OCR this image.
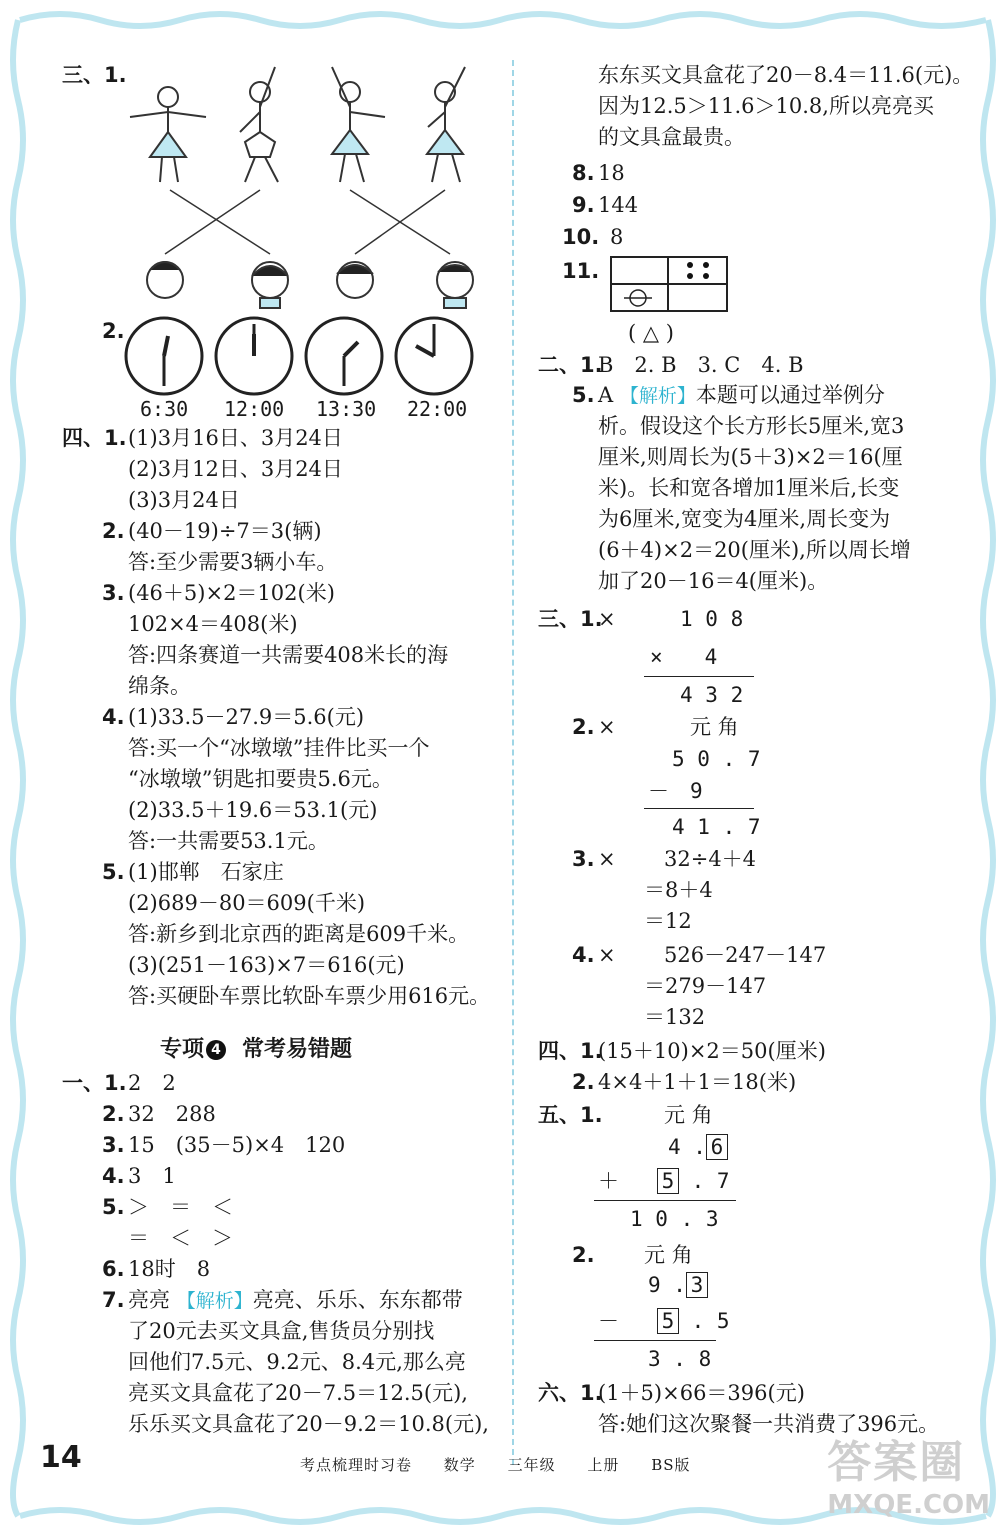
三、1.
2.
6:30 12:00 13:30 22:00
四、1. (1)3月16日、3月24日
(2)3月12日、3月24日
(3)3月24日
2. (40－19)÷7＝3(辆)
答:至少需要3辆小车。
3. (46＋5)×2＝102(米)
102×4＝408(米)
答:四条赛道一共需要408米长的海
绵条。
4. (1)33.5－27.9＝5.6(元)
答:买一个“冰墩墩”挂件比买一个
“冰墩墩”钥匙扣要贵5.6元。
(2)33.5＋19.6＝53.1(元)
答:一共需要53.1元。
5. (1)邯郸　石家庄
(2)689－80＝609(千米)
答:新乡到北京西的距离是609千米。
(3)(251－163)×7＝616(元)
答:买硬卧车票比软卧车票少用616元。
专项 4 常考易错题
一、1. 2　2
2. 32　288
3. 15　(35－5)×4　120
4. 3　1
5. ＞　＝　＜
＝　＜　＞
6. 18时　8
7. 亮亮 【解析】亮亮、乐乐、东东都带
了20元去买文具盒,售货员分别找
回他们7.5元、9.2元、8.4元,那么亮
亮买文具盒花了20－7.5＝12.5(元),
乐乐买文具盒花了20－9.2＝10.8(元),
东东买文具盒花了20－8.4＝11.6(元)。
因为12.5＞11.6＞10.8,所以亮亮买
的文具盒最贵。
8. 18
9. 144
10. 8
11.
( △ )
二、1.
B　2. B　3. C　4. B
5. A 【解析】本题可以通过举例分
析。假设这个长方形长5厘米,宽3
厘米,则周长为(5＋3)×2＝16(厘
米)。长和宽各增加1厘米后,长变
为6厘米,宽变为4厘米,周长变为
(6＋4)×2＝20(厘米),所以周长增
加了20－16＝4(厘米)。
三、1.
×	1 0 8
×　　4
4 3 2
2. ×	元 角
5 0 . 7
－　9
4 1 . 7
3. × 32÷4＋4
＝8＋4
＝12
4. × 526－247－147
＝279－147
＝132
四、1.
(15＋10)×2＝50(厘米)
2. 4×4＋1＋1＝18(米)
五、1.	元 角
4 . 6
＋ 5 . 7
1 0 . 3
2. 元 角
9 . 3
－ 5 . 5
3 . 8
六、1.
(1＋5)×66＝396(元)
答:她们这次聚餐一共消费了396元。
14	考点梳理时习卷 数学 三年级 上册 BS版	答案圈
MXQE.COM
